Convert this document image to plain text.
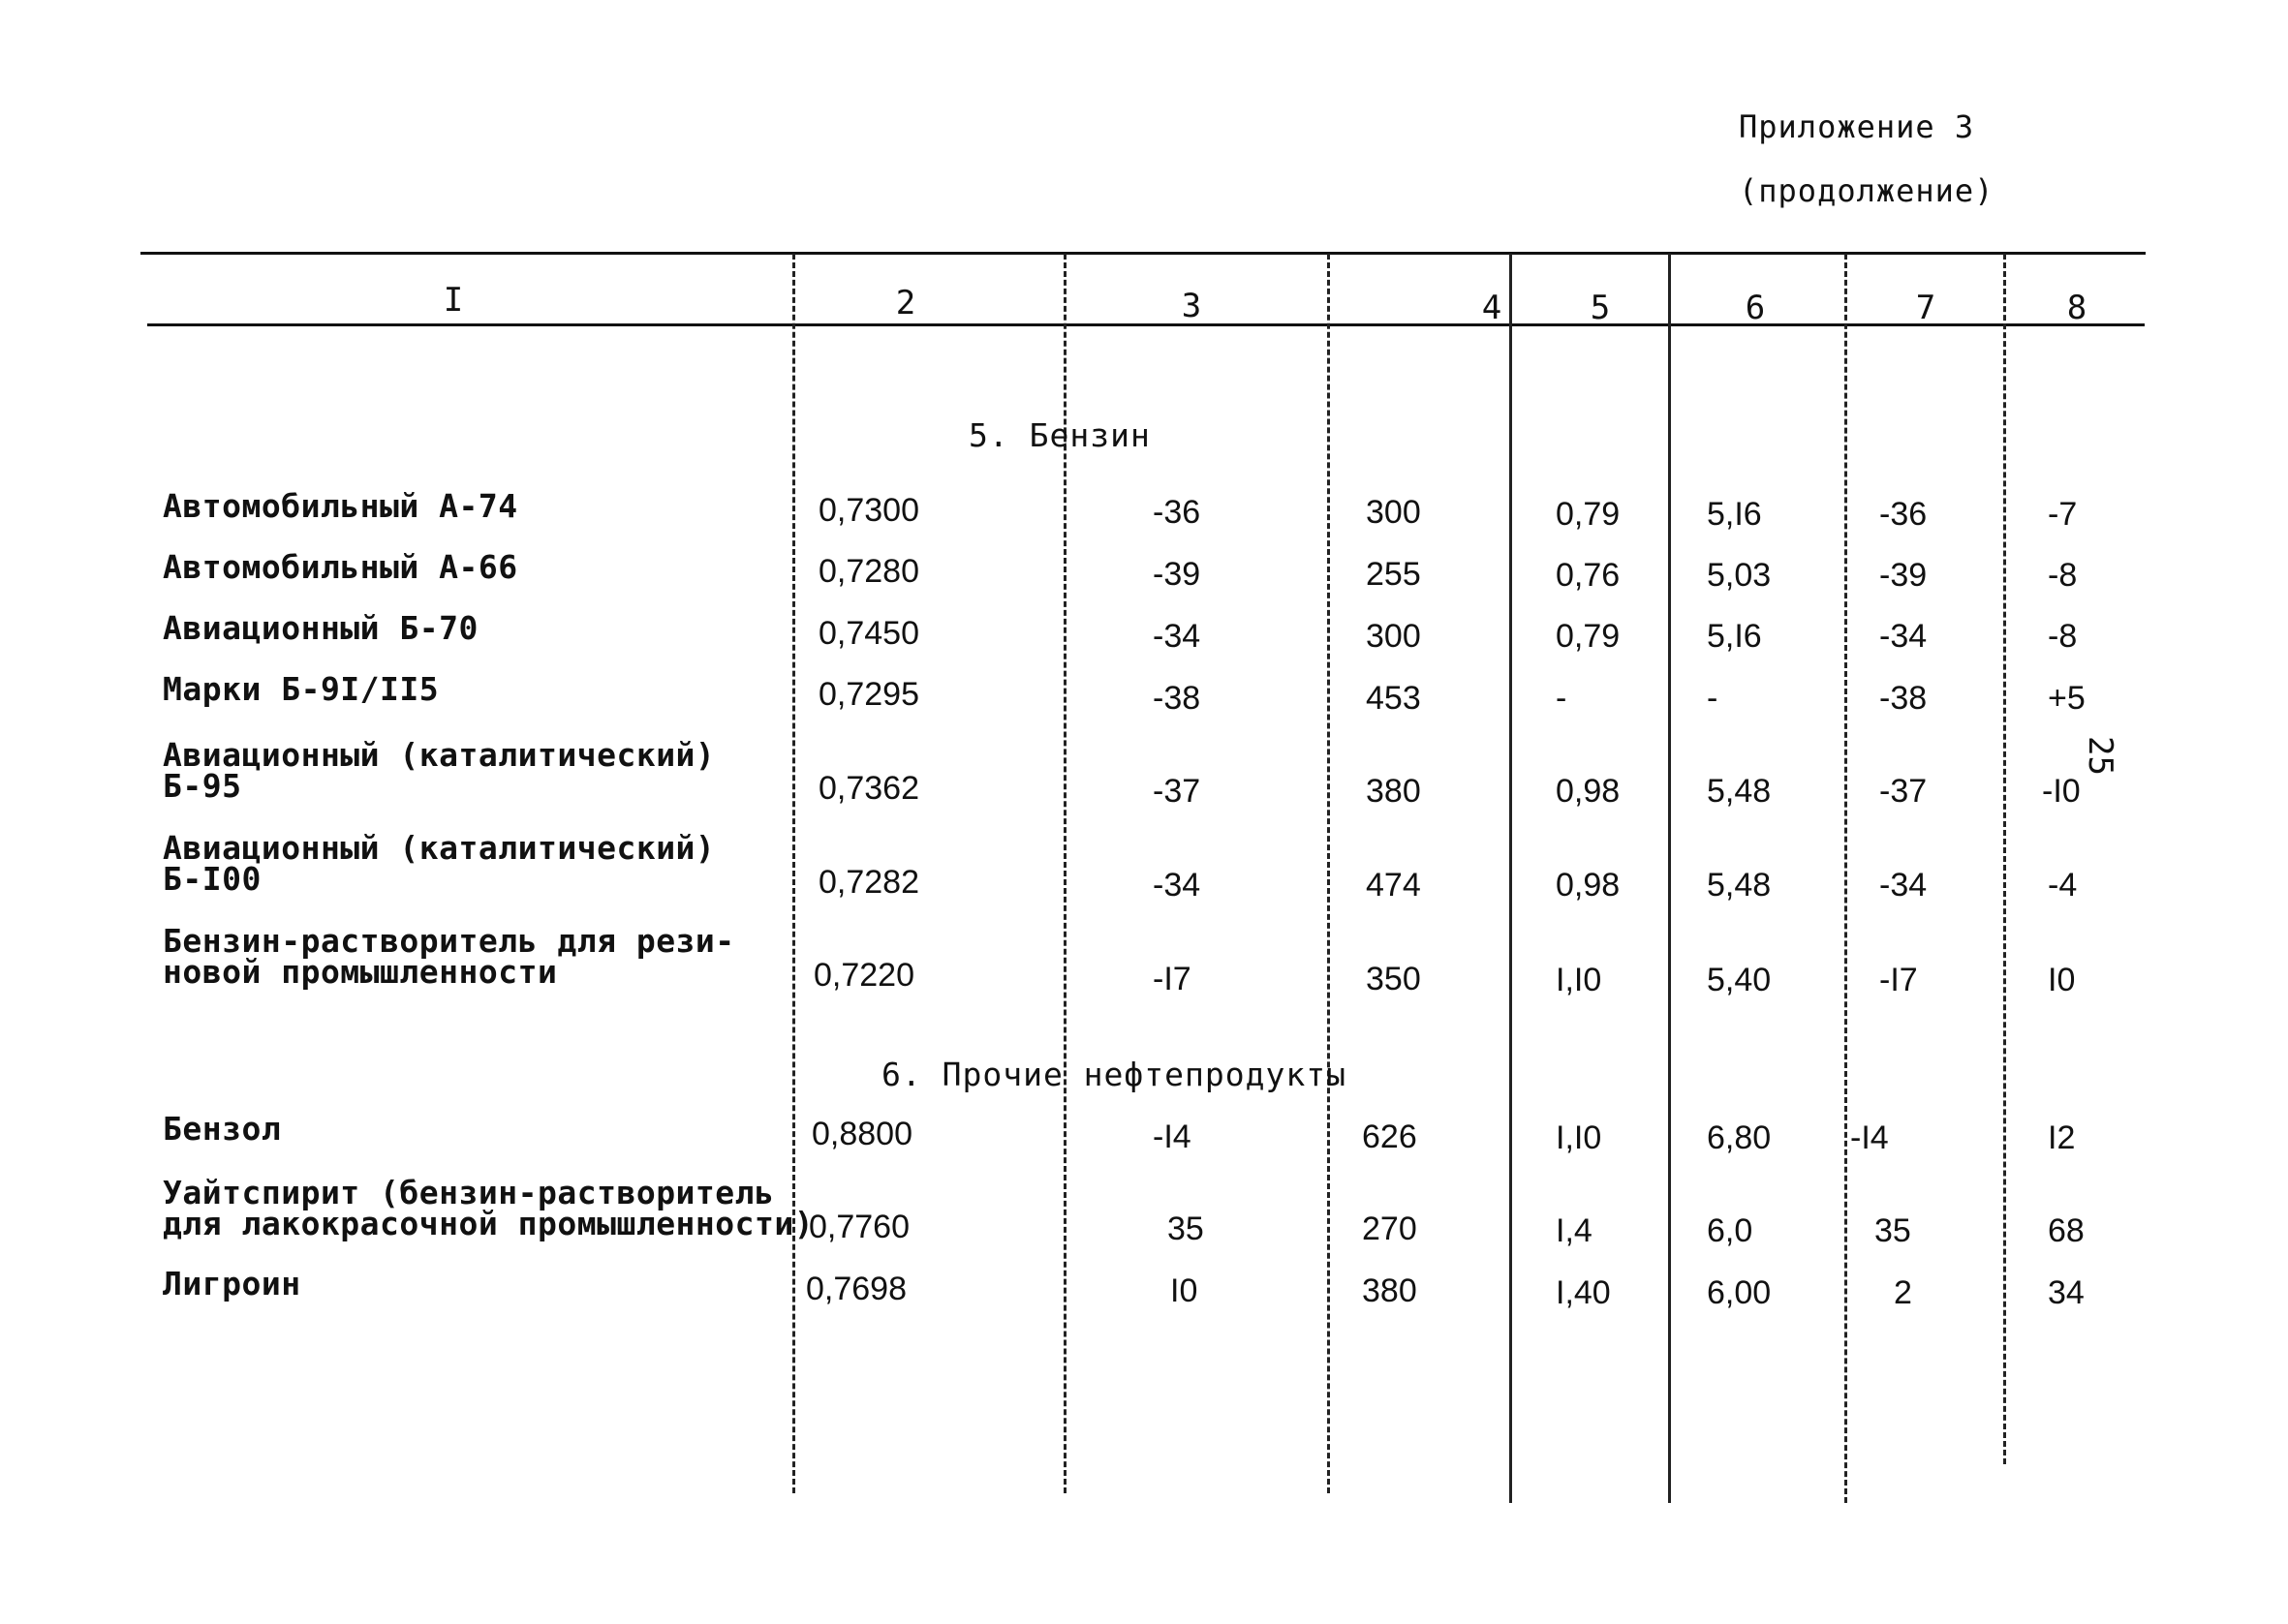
Приложение 3
(продолжение)
I	2	3	4	5	6	7	8
25
5. Бензин
Автомобильный А-74	0,7300	-36	300	0,79	5,I6	-36	-7
Автомобильный А-66	0,7280	-39	255	0,76	5,03	-39	-8
Авиационный Б-70	0,7450	-34	300	0,79	5,I6	-34	-8
Марки Б-9I/II5	0,7295	-38	453	-	-	-38	+5
Авиационный (каталитический)
Б-95	0,7362	-37	380	0,98	5,48	-37	-I0
Авиационный (каталитический)
Б-I00	0,7282	-34	474	0,98	5,48	-34	-4
Бензин-растворитель для рези-
новой промышленности	0,7220	-I7	350	I,I0	5,40	-I7	I0
6. Прочие нефтепродукты
Бензол	0,8800	-I4	626	I,I0	6,80 -I4	I2
Уайтспирит (бензин-растворитель
для лакокрасочной промышленности)
0,7760	35	270	I,4	6,0	35	68
Лигроин	0,7698	I0	380	I,40	6,00	2	34
